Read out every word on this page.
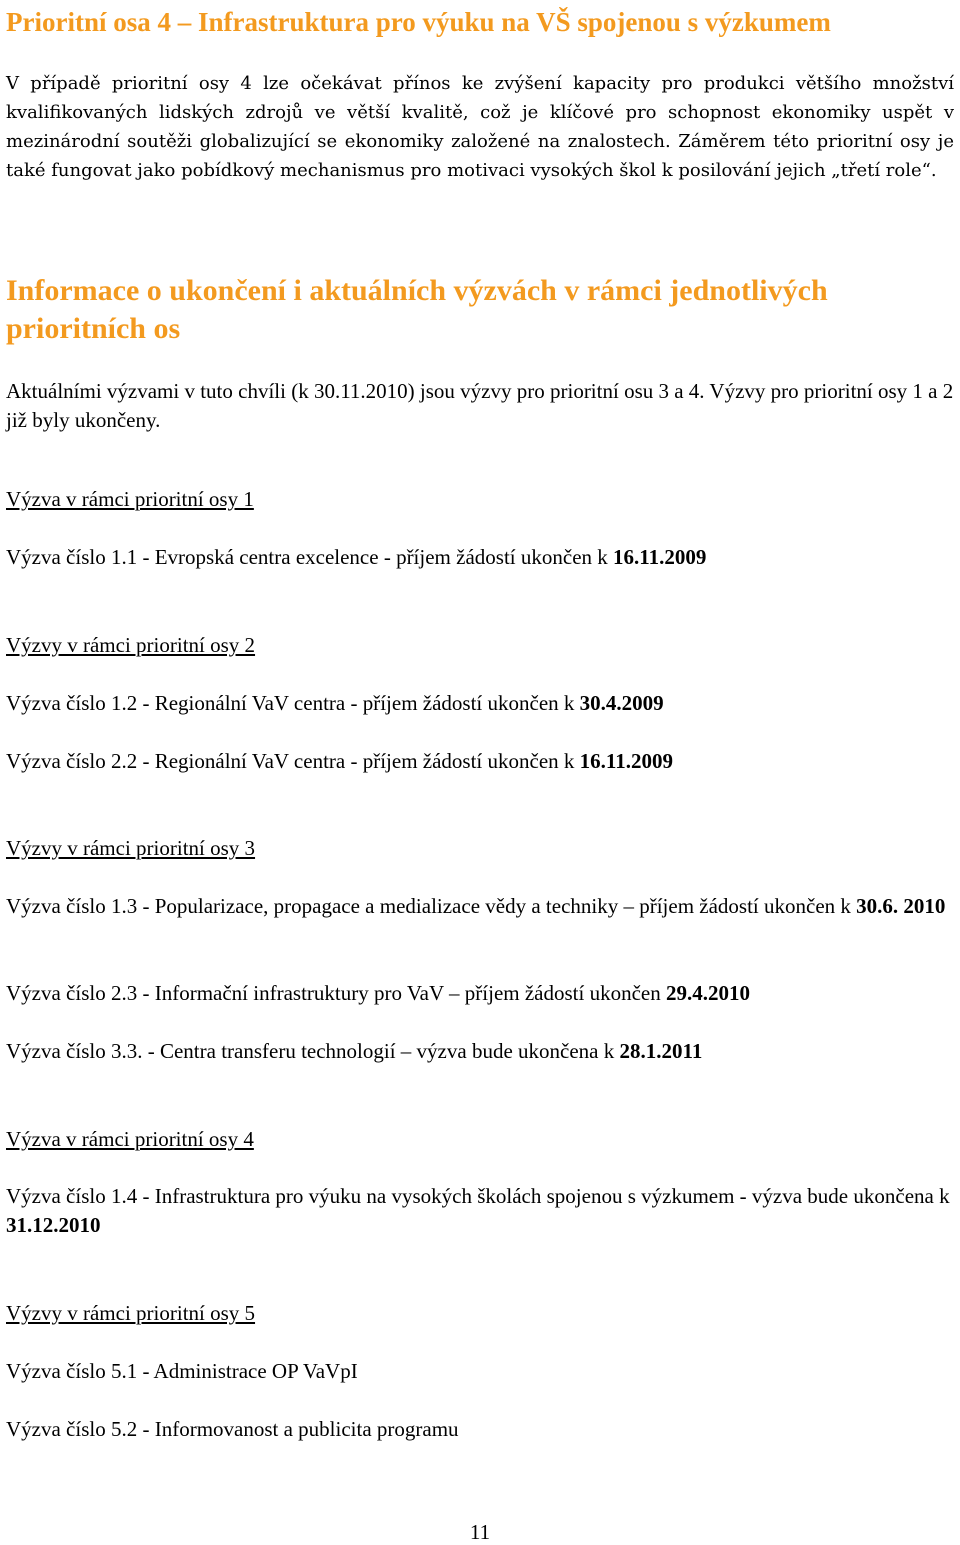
Prioritní osa 4 – Infrastruktura pro výuku na VŠ spojenou s výzkumem

V případě prioritní osy 4 lze očekávat přínos ke zvýšení kapacity pro produkci většího množství kvalifikovaných lidských zdrojů ve větší kvalitě, což je klíčové pro schopnost ekonomiky uspět v mezinárodní soutěži globalizující se ekonomiky založené na znalostech. Záměrem této prioritní osy je také fungovat jako pobídkový mechanismus pro motivaci vysokých škol k posilování jejich „třetí role“.

Informace o ukončení i aktuálních výzvách v rámci jednotlivých prioritních os
Aktuálními výzvami v tuto chvíli (k 30.11.2010) jsou výzvy pro prioritní osu 3 a 4. Výzvy pro prioritní osy 1 a 2 již byly ukončeny.
Výzva v rámci prioritní osy 1
Výzva číslo 1.1 - Evropská centra excelence - příjem žádostí ukončen k 16.11.2009
Výzvy v rámci prioritní osy 2
Výzva číslo 1.2 - Regionální VaV centra - příjem žádostí ukončen k 30.4.2009
Výzva číslo 2.2 - Regionální VaV centra - příjem žádostí ukončen k 16.11.2009
Výzvy v rámci prioritní osy 3
Výzva číslo 1.3 - Popularizace, propagace a medializace vědy a techniky – příjem žádostí ukončen k 30.6. 2010
Výzva číslo 2.3 - Informační infrastruktury pro VaV – příjem žádostí ukončen 29.4.2010
Výzva číslo 3.3. - Centra transferu technologií – výzva bude ukončena k 28.1.2011
Výzva v rámci prioritní osy 4
Výzva číslo 1.4 - Infrastruktura pro výuku na vysokých školách spojenou s výzkumem - výzva bude ukončena k 31.12.2010
Výzvy v rámci prioritní osy 5
Výzva číslo 5.1 - Administrace OP VaVpI
Výzva číslo 5.2 - Informovanost a publicita programu
11
